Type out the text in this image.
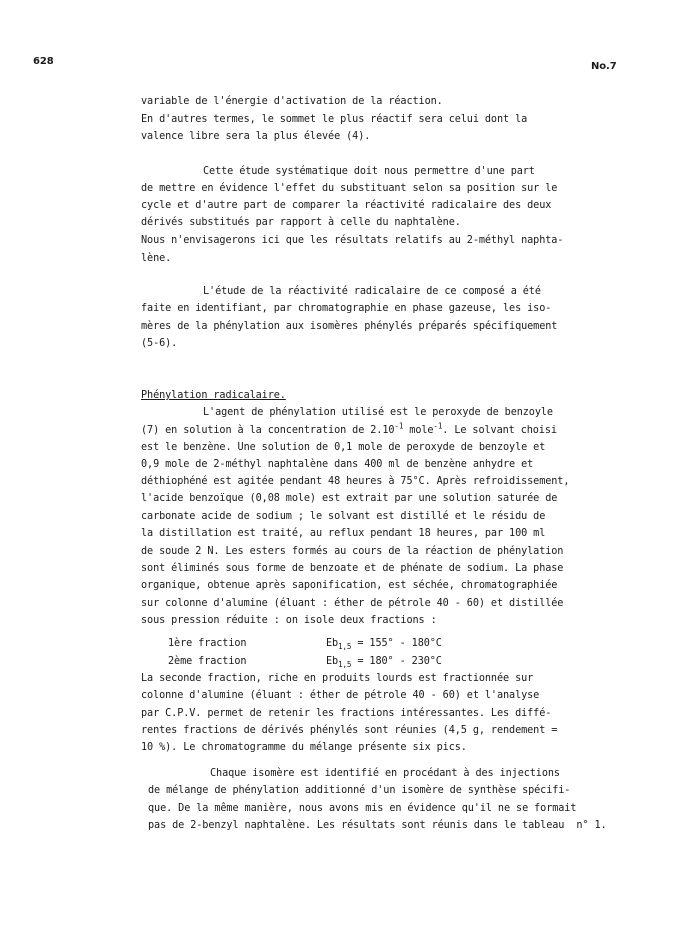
628	No.7
variable de l'énergie d'activation de la réaction.
En d'autres termes, le sommet le plus réactif sera celui dont la
valence libre sera la plus élevée (4).
Cette étude systématique doit nous permettre d'une part
de mettre en évidence l'effet du substituant selon sa position sur le
cycle et d'autre part de comparer la réactivité radicalaire des deux
dérivés substitués par rapport à celle du naphtalène.
Nous n'envisagerons ici que les résultats relatifs au 2-méthyl naphta-
lène.
L'étude de la réactivité radicalaire de ce composé a été
faite en identifiant, par chromatographie en phase gazeuse, les iso-
mères de la phénylation aux isomères phénylés préparés spécifiquement
(5-6).
Phénylation radicalaire.
L'agent de phénylation utilisé est le peroxyde de benzoyle
(7) en solution à la concentration de $2.10^{-1}$ mole$^{-1}$. Le solvant choisi
est le benzène. Une solution de 0,1 mole de peroxyde de benzoyle et
0,9 mole de 2-méthyl naphtalène dans 400 ml de benzène anhydre et
déthiophéné est agitée pendant 48 heures à 75°C. Après refroidissement,
l'acide benzoïque (0,08 mole) est extrait par une solution saturée de
carbonate acide de sodium ; le solvant est distillé et le résidu de
la distillation est traité, au reflux pendant 18 heures, par 100 ml
de soude 2 N. Les esters formés au cours de la réaction de phénylation
sont éliminés sous forme de benzoate et de phénate de sodium. La phase
organique, obtenue après saponification, est séchée, chromatographiée
sur colonne d'alumine (éluant : éther de pétrole 40 - 60) et distillée
sous pression réduite : on isole deux fractions :
1ère fraction	$Eb_{1,5} = 155^\circ - 180^\circ C$
2ème fraction	$Eb_{1,5} = 180^\circ - 230^\circ C$
La seconde fraction, riche en produits lourds est fractionnée sur
colonne d'alumine (éluant : éther de pétrole 40 - 60) et l'analyse
par C.P.V. permet de retenir les fractions intéressantes. Les diffé-
rentes fractions de dérivés phénylés sont réunies (4,5 g, rendement =
10 %). Le chromatogramme du mélange présente six pics.
Chaque isomère est identifié en procédant à des injections
de mélange de phénylation additionné d'un isomère de synthèse spécifi-
que. De la même manière, nous avons mis en évidence qu'il ne se formait
pas de 2-benzyl naphtalène. Les résultats sont réunis dans le tableau  n° 1.
